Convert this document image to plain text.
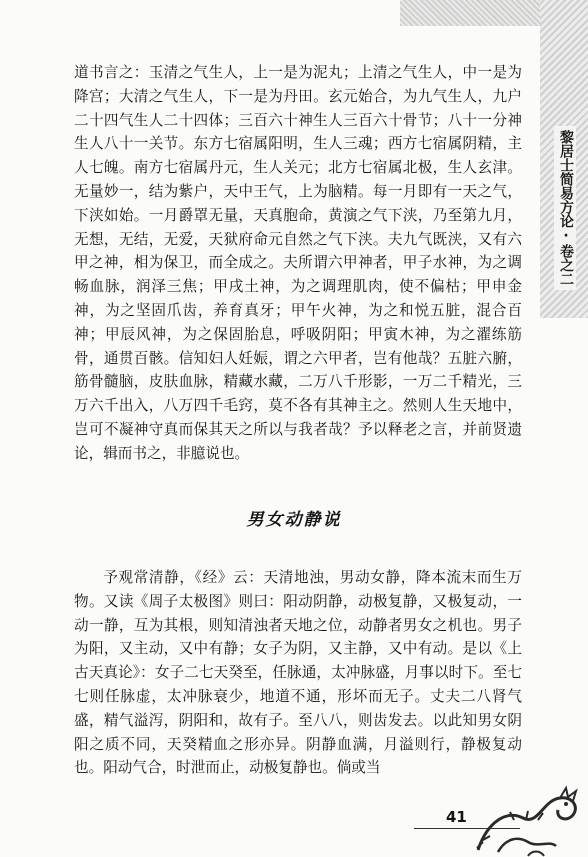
黎居士简易方论·卷之二

道书言之：玉清之气生人，上一是为泥丸；上清之气生人，中一是为降宫；大清之气生人，下一是为丹田。玄元始合，为九气生人，九户二十四气生人二十四体；三百六十神生人三百六十骨节；八十一分神生人八十一关节。东方七宿属阳明，生人三魂；西方七宿属阴精，主人七魄。南方七宿属丹元，生人关元；北方七宿属北极，生人玄津。无量妙一，结为紫户，天中王气，上为脑精。每一月即有一天之气，下浃如始。一月爵罩无量，天真胞命，黄演之气下浃，乃至第九月，无想，无结，无爱，天狱府命元自然之气下浃。夫九气既浃，又有六甲之神，相为保卫，而全成之。夫所谓六甲神者，甲子水神，为之调畅血脉，润泽三焦；甲戌土神，为之调理肌肉，使不偏枯；甲申金神，为之坚固爪齿，养育真牙；甲午火神，为之和悦五脏，混合百神；甲辰风神，为之保固胎息，呼吸阴阳；甲寅木神，为之濯练筋骨，通贯百骸。信知妇人妊娠，谓之六甲者，岂有他哉？五脏六腑，筋骨髓脑，皮肤血脉，精藏水藏，二万八千形影，一万二千精光，三万六千出入，八万四千毛窍，莫不各有其神主之。然则人生天地中，岂可不凝神守真而保其天之所以与我者哉？予以释老之言，并前贤遗论，辑而书之，非臆说也。

男女动静说

予观常清静，《经》云：天清地浊，男动女静，降本流末而生万物。又读《周子太极图》则曰：阳动阴静，动极复静，又极复动，一动一静，互为其根，则知清浊者天地之位，动静者男女之机也。男子为阳，又主动，又中有静；女子为阴，又主静，又中有动。是以《上古天真论》：女子二七天癸至，任脉通，太冲脉盛，月事以时下。至七七则任脉虚，太冲脉衰少，地道不通，形坏而无子。丈夫二八肾气盛，精气溢泻，阴阳和，故有子。至八八，则齿发去。以此知男女阴阳之质不同，天癸精血之形亦异。阴静血满，月溢则行，静极复动也。阳动气合，时泄而止，动极复静也。倘或当

41
